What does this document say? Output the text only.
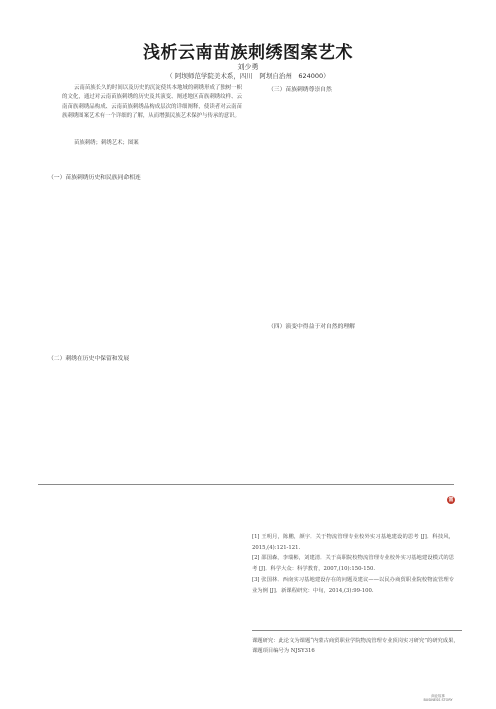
浅析云南苗族刺绣图案艺术
刘少勇
（ 阿坝师范学院美术系，四川　阿坝自治州　624000）
云南苗族长久的时间以及历史的沉淀使其本地域的刺绣形成了独树一帜的文化，通过对云南苗族刺绣的历史及其演变、阐述地区苗族刺绣纹样、云南苗族刺绣品构成、云南苗族刺绣品构成层次的详细阐释，使读者对云南苗族刺绣图案艺术有一个详细的了解，从而增强民族艺术保护与传承的意识。
苗族刺绣；刺绣艺术；图案
（一）苗族刺绣历史和民族同命相连
（二）刺绣在历史中保留和发展
（三）苗族刺绣尊崇自然
（四）演变中得益于对自然的理解
雷
[1] 王明月，陈鹏，颜宇．关于物流管理专业校外实习基地建设的思考 [J]．科技风，2015,(4):121-121.
[2] 邵国森，李瑞彬，刘建清．关于高职院校物流管理专业校外实习基地建设模式的思考 [J]．科学大众：科学教育，2007,(10):150-150.
[3] 张国林．西南实习基地建设存在的问题及建议——以民办商贸职业院校物流管理专业为例 [J]．新课程研究：中旬，2014,(3):99-100.
课题研究：此论文为课题“内蒙古商贸职业学院物流管理专业顶岗实习研究”的研究成果，课题项目编号为 NJSY316
商业故事
BUSINESS STORY
